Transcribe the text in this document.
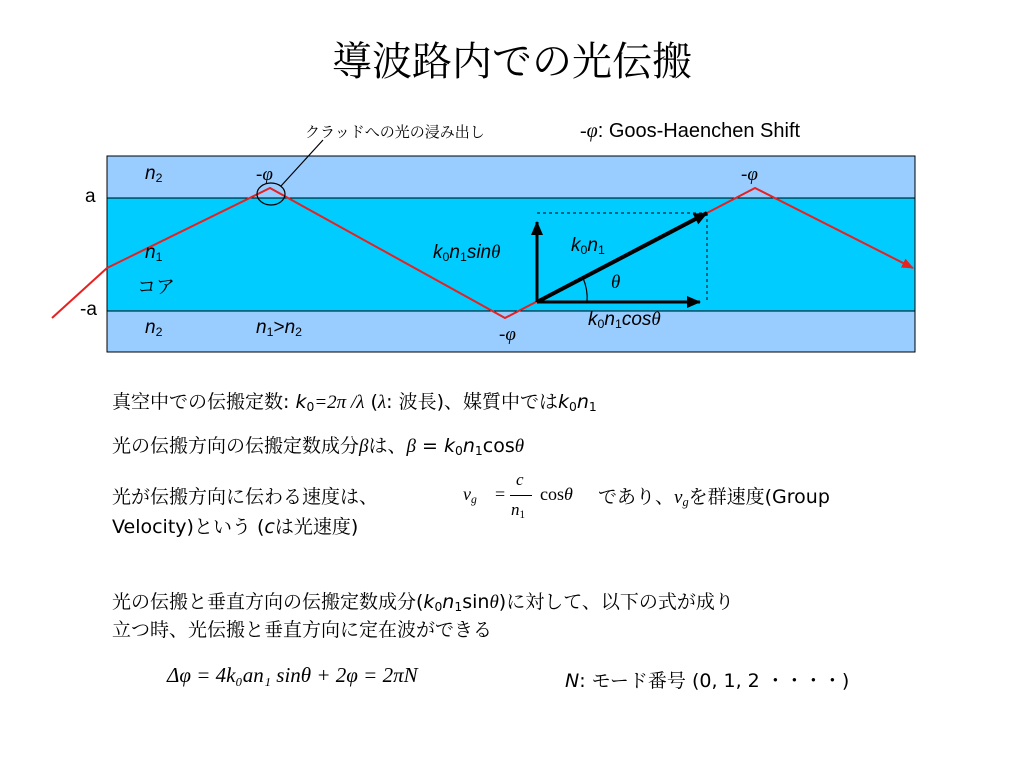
導波路内での光伝搬
クラッドへの光の浸み出し	-φ: Goos-Haenchen Shift
$n_2$	-φ	-φ
a
$n_1$
コア
-a
$n_2$	$n_1>n_2$	-φ
$k_0n_1\sin\theta$	$k_0n_1$
θ
$k_0n_1\cos\theta$
真空中での伝搬定数: $k_0=2\pi$ /λ (λ: 波長)、媒質中では$k_0n_1$
光の伝搬方向の伝搬定数成分βは、$\beta = k_0n_1\cos\theta$
光が伝搬方向に伝わる速度は、	$v_g$ =
c
$n_1$
cosθ であり、$v_g$を群速度(Group
Velocity)という (cは光速度)
光の伝搬と垂直方向の伝搬定数成分$(k_0n_1\sin\theta)$に対して、以下の式が成り
立つ時、光伝搬と垂直方向に定在波ができる
Δφ = 4k₀an₁ sinθ + 2φ = 2πN	N: モード番号 (0, 1, 2 ・・・・)
